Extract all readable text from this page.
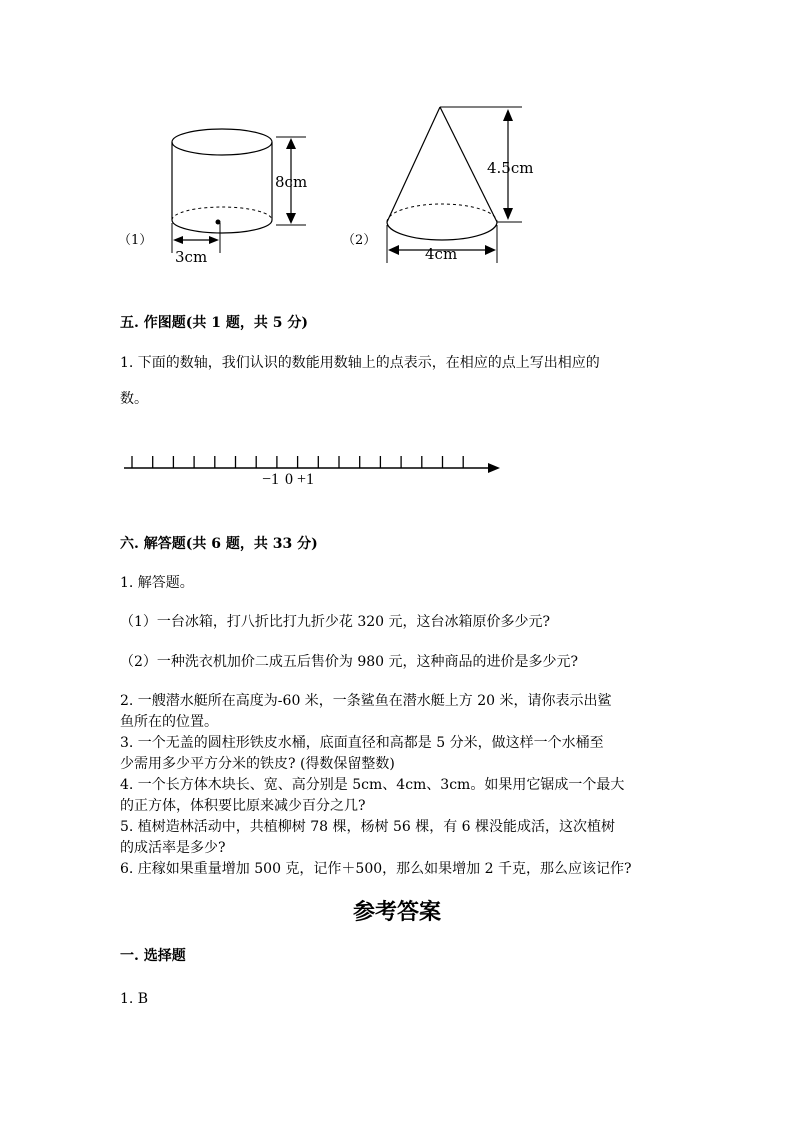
（1）
8cm
3cm
（2）
4.5cm
4cm
五. 作图题(共 1 题，共 5 分)
1. 下面的数轴，我们认识的数能用数轴上的点表示，在相应的点上写出相应的
数。
−1 0 +1
六. 解答题(共 6 题，共 33 分)
1. 解答题。
（1）一台冰箱，打八折比打九折少花 320 元，这台冰箱原价多少元?
（2）一种洗衣机加价二成五后售价为 980 元，这种商品的进价是多少元?
2. 一艘潜水艇所在高度为-60 米，一条鲨鱼在潜水艇上方 20 米，请你表示出鲨
鱼所在的位置。
3. 一个无盖的圆柱形铁皮水桶，底面直径和高都是 5 分米，做这样一个水桶至
少需用多少平方分米的铁皮? (得数保留整数)
4. 一个长方体木块长、宽、高分别是 5cm、4cm、3cm。如果用它锯成一个最大
的正方体，体积要比原来减少百分之几?
5. 植树造林活动中，共植柳树 78 棵，杨树 56 棵，有 6 棵没能成活，这次植树
的成活率是多少?
6. 庄稼如果重量增加 500 克，记作＋500，那么如果增加 2 千克，那么应该记作?
参考答案
一. 选择题
1. B
